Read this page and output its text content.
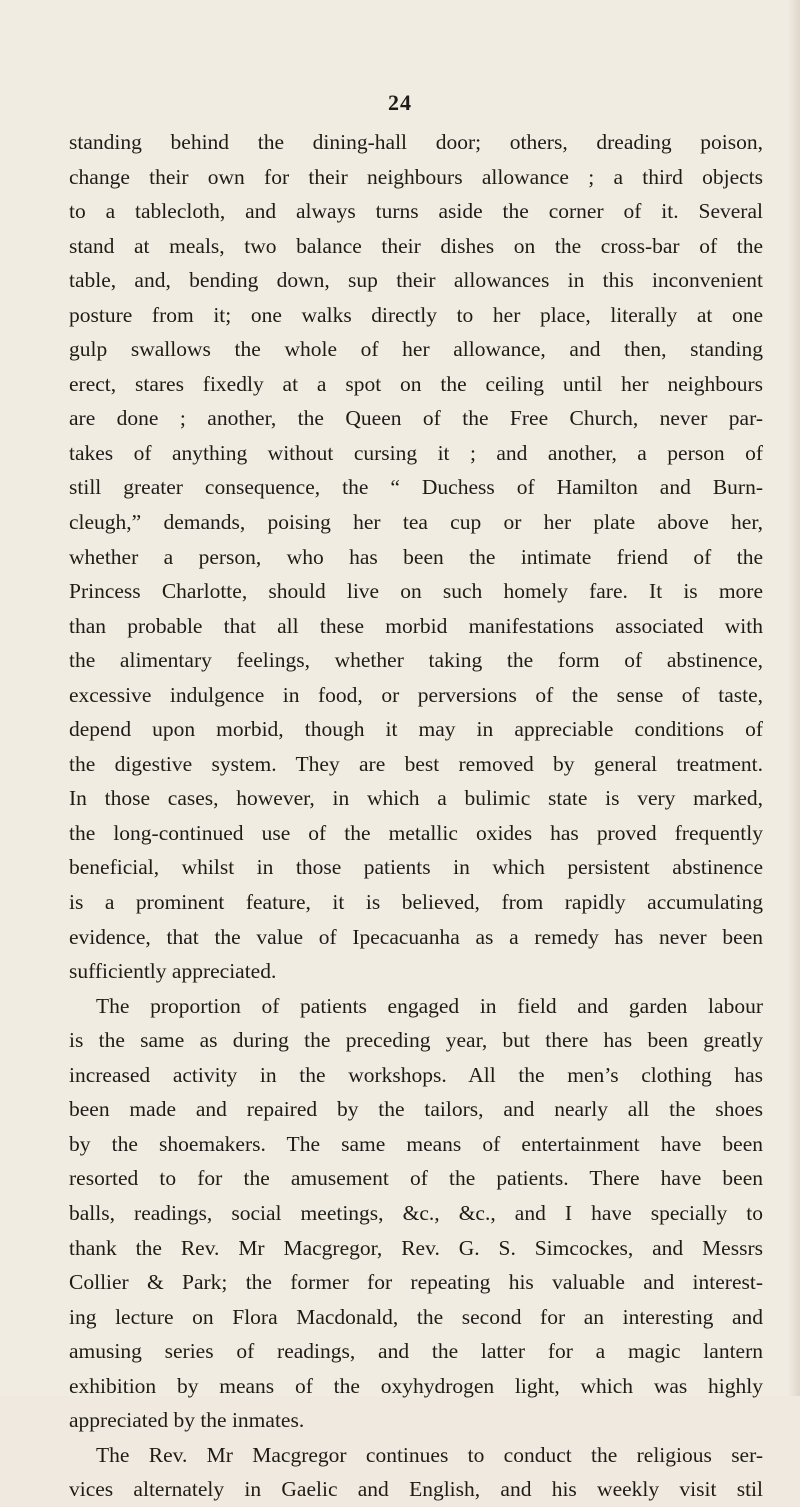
24
standing behind the dining-hall door; others, dreading poison,
change their own for their neighbours allowance ; a third objects
to a tablecloth, and always turns aside the corner of it. Several
stand at meals, two balance their dishes on the cross-bar of the
table, and, bending down, sup their allowances in this inconvenient
posture from it; one walks directly to her place, literally at one
gulp swallows the whole of her allowance, and then, standing
erect, stares fixedly at a spot on the ceiling until her neighbours
are done ; another, the Queen of the Free Church, never par-
takes of anything without cursing it ; and another, a person of
still greater consequence, the “ Duchess of Hamilton and Burn-
cleugh,” demands, poising her tea cup or her plate above her,
whether a person, who has been the intimate friend of the
Princess Charlotte, should live on such homely fare. It is more
than probable that all these morbid manifestations associated with
the alimentary feelings, whether taking the form of abstinence,
excessive indulgence in food, or perversions of the sense of taste,
depend upon morbid, though it may in appreciable conditions of
the digestive system. They are best removed by general treatment.
In those cases, however, in which a bulimic state is very marked,
the long-continued use of the metallic oxides has proved frequently
beneficial, whilst in those patients in which persistent abstinence
is a prominent feature, it is believed, from rapidly accumulating
evidence, that the value of Ipecacuanha as a remedy has never been
sufficiently appreciated.
The proportion of patients engaged in field and garden labour
is the same as during the preceding year, but there has been greatly
increased activity in the workshops. All the men’s clothing has
been made and repaired by the tailors, and nearly all the shoes
by the shoemakers. The same means of entertainment have been
resorted to for the amusement of the patients. There have been
balls, readings, social meetings, &c., &c., and I have specially to
thank the Rev. Mr Macgregor, Rev. G. S. Simcockes, and Messrs
Collier & Park; the former for repeating his valuable and interest-
ing lecture on Flora Macdonald, the second for an interesting and
amusing series of readings, and the latter for a magic lantern
exhibition by means of the oxyhydrogen light, which was highly
appreciated by the inmates.
The Rev. Mr Macgregor continues to conduct the religious ser-
vices alternately in Gaelic and English, and his weekly visit stil
